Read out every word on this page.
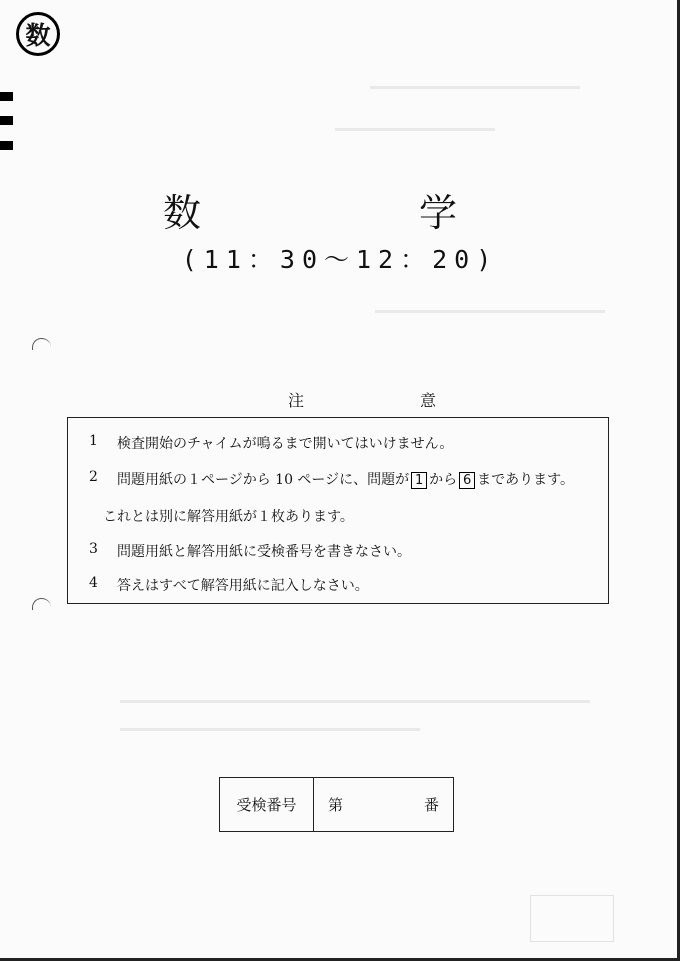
数
数　学
(11：30〜12：20)
注　意
1 検査開始のチャイムが鳴るまで開いてはいけません。
2 問題用紙の１ページから 10 ページに、問題が 1 から 6 まであります。
これとは別に解答用紙が１枚あります。
3 問題用紙と解答用紙に受検番号を書きなさい。
4 答えはすべて解答用紙に記入しなさい。
受検番号	第	番
